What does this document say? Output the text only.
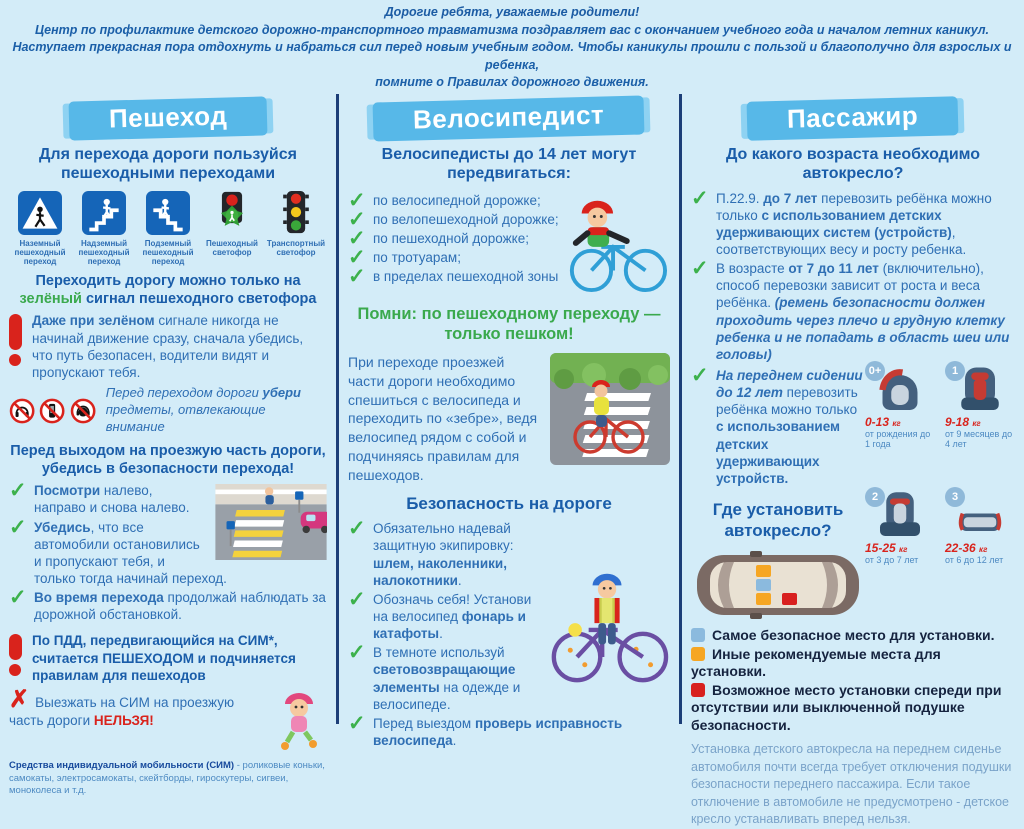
Дорогие ребята, уважаемые родители!
Центр по профилактике детского дорожно-транспортного травматизма поздравляет вас с окончанием учебного года и началом летних каникул.
Наступает прекрасная пора отдохнуть и набраться сил перед новым учебным годом. Чтобы каникулы прошли с пользой и благополучно для взрослых и ребенка,
помните о Правилах дорожного движения.
Пешеход
Для перехода дороги пользуйся пешеходными переходами
Наземный пешеходный переход
Надземный пешеходный переход
Подземный пешеходный переход
Пешеходный светофор
Транспортный светофор
Переходить дорогу можно только на зелёный сигнал пешеходного светофора
Даже при зелёном сигнале никогда не начинай движение сразу, сначала убедись, что путь безопасен, водители видят и пропускают тебя.
Перед переходом дороги убери предметы, отвлекающие внимание
Перед выходом на проезжую часть дороги, убедись в безопасности перехода!
✓ Посмотри налево, направо и снова налево.
✓ Убедись, что все автомобили остановились и пропускают тебя, и только тогда начинай переход.
✓ Во время перехода продолжай наблюдать за дорожной обстановкой.
По ПДД, передвигающийся на СИМ*, считается ПЕШЕХОДОМ и подчиняется правилам для пешеходов
✗ Выезжать на СИМ на проезжую часть дороги НЕЛЬЗЯ!
Средства индивидуальной мобильности (СИМ) - роликовые коньки, самокаты, электросамокаты, скейтборды, гироскутеры, сигвеи, моноколеса и т.д.
Велосипедист
Велосипедисты до 14 лет могут передвигаться:
✓ по велосипедной дорожке;
✓ по велопешеходной дорожке;
✓ по пешеходной дорожке;
✓ по тротуарам;
✓ в пределах пешеходной зоны
Помни: по пешеходному переходу — только пешком!
При переходе проезжей части дороги необходимо спешиться с велосипеда и переходить по «зебре», ведя велосипед рядом с собой и подчиняясь правилам для пешеходов.
Безопасность на дороге
✓ Обязательно надевай защитную экипировку: шлем, наколенники, налокотники.
✓ Обозначь себя! Установи на велосипед фонарь и катафоты.
✓ В темноте используй световозвращающие элементы на одежде и велосипеде.
✓ Перед выездом проверь исправность велосипеда.
Пассажир
До какого возраста необходимо автокресло?
✓ П.22.9. до 7 лет перевозить ребёнка можно только с использованием детских удерживающих систем (устройств), соответствующих весу и росту ребенка.
✓ В возрасте от 7 до 11 лет (включительно), способ перевозки зависит от роста и веса ребёнка. (ремень безопасности должен проходить через плечо и грудную клетку ребенка и не попадать в область шеи или головы)
✓ На переднем сидении до 12 лет перевозить ребёнка можно только с использованием детских удерживающих устройств.
0+
0-13 кг
от рождения до 1 года
1
9-18 кг
от 9 месяцев до 4 лет
Где установить автокресло?
2
15-25 кг
от 3 до 7 лет
3
22-36 кг
от 6 до 12 лет
Самое безопасное место для установки.
Иные рекомендуемые места для установки.
Возможное место установки спереди при отсутствии или выключенной подушке безопасности.
Установка детского автокресла на переднем сиденье автомобиля почти всегда требует отключения подушки безопасности переднего пассажира. Если такое отключение в автомобиле не предусмотрено - детское кресло устанавливать вперед нельзя.
